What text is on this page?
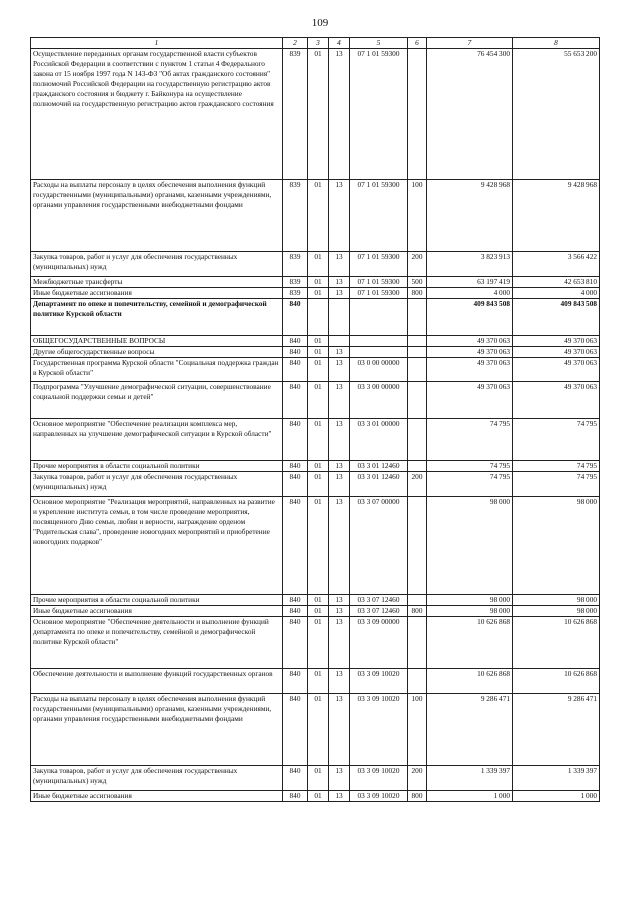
109
1	2	3	4	5	6	7	8
Осуществление переданных органам государственной власти субъектов Российской Федерации в соответствии с пунктом 1 статьи 4 Федерального закона от 15 ноября 1997 года N 143-ФЗ "Об актах гражданского состояния" полномочий Российской Федерации на государственную регистрацию актов гражданского состояния и бюджету г. Байконура на осуществление полномочий на государственную регистрацию актов гражданского состояния	839	01	13	07 1 01 59300		76 454 300	55 653 200
Расходы на выплаты персоналу в целях обеспечения выполнения функций государственными (муниципальными) органами, казенными учреждениями, органами управления государственными внебюджетными фондами	839	01	13	07 1 01 59300	100	9 428 968	9 428 968
Закупка товаров, работ и услуг для обеспечения государственных (муниципальных) нужд	839	01	13	07 1 01 59300	200	3 823 913	3 566 422
Межбюджетные трансферты	839	01	13	07 1 01 59300	500	63 197 419	42 653 810
Иные бюджетные ассигнования	839	01	13	07 1 01 59300	800	4 000	4 000
Департамент по опеке и попечительству, семейной и демографической политике Курской области	840					409 843 508	409 843 508
ОБЩЕГОСУДАРСТВЕННЫЕ ВОПРОСЫ	840	01				49 370 063	49 370 063
Другие общегосударственные вопросы	840	01	13			49 370 063	49 370 063
Государственная программа Курской области "Социальная поддержка граждан в Курской области"	840	01	13	03 0 00 00000		49 370 063	49 370 063
Подпрограмма "Улучшение демографической ситуации, совершенствование социальной поддержки семьи и детей"	840	01	13	03 3 00 00000		49 370 063	49 370 063
Основное мероприятие "Обеспечение реализации комплекса мер, направленных на улучшение демографической ситуации в Курской области"	840	01	13	03 3 01 00000		74 795	74 795
Прочие мероприятия в области социальной политики	840	01	13	03 3 01 12460		74 795	74 795
Закупка товаров, работ и услуг для обеспечения государственных (муниципальных) нужд	840	01	13	03 3 01 12460	200	74 795	74 795
Основное мероприятие "Реализация мероприятий, направленных на развитие и укрепление института семьи, в том числе проведение мероприятия, посвященного Дню семьи, любви и верности, награждение орденом "Родительская слава", проведение новогодних мероприятий и приобретение новогодних подарков"	840	01	13	03 3 07 00000		98 000	98 000
Прочие мероприятия в области социальной политики	840	01	13	03 3 07 12460		98 000	98 000
Иные бюджетные ассигнования	840	01	13	03 3 07 12460	800	98 000	98 000
Основное мероприятие "Обеспечение деятельности и выполнение функций департамента по опеке и попечительству, семейной и демографической политике Курской области"	840	01	13	03 3 09 00000		10 626 868	10 626 868
Обеспечение деятельности и выполнение функций государственных органов	840	01	13	03 3 09 10020		10 626 868	10 626 868
Расходы на выплаты персоналу в целях обеспечения выполнения функций государственными (муниципальными) органами, казенными учреждениями, органами управления государственными внебюджетными фондами	840	01	13	03 3 09 10020	100	9 286 471	9 286 471
Закупка товаров, работ и услуг для обеспечения государственных (муниципальных) нужд	840	01	13	03 3 09 10020	200	1 339 397	1 339 397
Иные бюджетные ассигнования	840	01	13	03 3 09 10020	800	1 000	1 000
